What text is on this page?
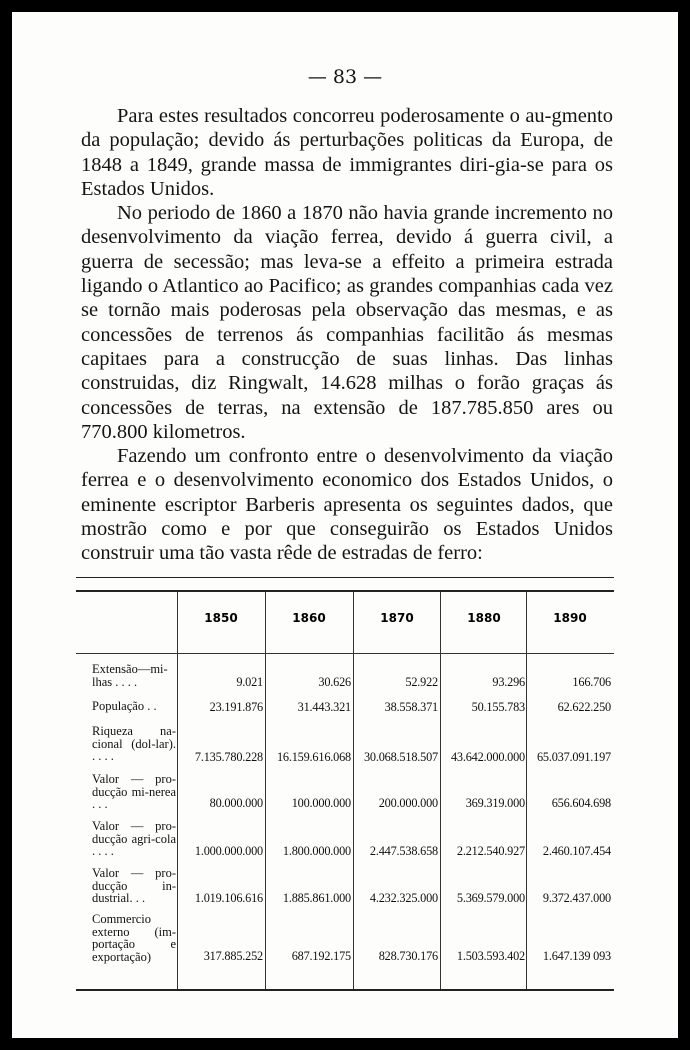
— 83 —

Para estes resultados concorreu poderosamente o au-gmento da população; devido ás perturbações politicas da Europa, de 1848 a 1849, grande massa de immigrantes diri-gia-se para os Estados Unidos.

No periodo de 1860 a 1870 não havia grande incremento no desenvolvimento da viação ferrea, devido á guerra civil, a guerra de secessão; mas leva-se a effeito a primeira estrada ligando o Atlantico ao Pacifico; as grandes companhias cada vez se tornão mais poderosas pela observação das mesmas, e as concessões de terrenos ás companhias facilitão ás mesmas capitaes para a construcção de suas linhas. Das linhas construidas, diz Ringwalt, 14.628 milhas o forão graças ás concessões de terras, na extensão de 187.785.850 ares ou 770.800 kilometros.

Fazendo um confronto entre o desenvolvimento da viação ferrea e o desenvolvimento economico dos Estados Unidos, o eminente escriptor Barberis apresenta os seguintes dados, que mostrão como e por que conseguirão os Estados Unidos construir uma tão vasta rêde de estradas de ferro:

1850	1860	1870	1880	1890
Extensão—mi-lhas . . . .	9.021	30.626	52.922	93.296	166.706
População . .	23.191.876	31.443.321	38.558.371	50.155.783	62.622.250
Riqueza na-cional (dol-lar). . . . .	7.135.780.228	16.159.616.068	30.068.518.507	43.642.000.000 65.037.091.197
Valor — pro-ducção mi-nerea . . .	80.000.000	100.000.000	200.000.000	369.319.000	656.604.698
Valor — pro-ducção agri-cola . . . .	1.000.000.000	1.800.000.000	2.447.538.658	2.212.540.927	2.460.107.454
Valor — pro-ducção in-dustrial. . .	1.019.106.616	1.885.861.000	4.232.325.000	5.369.579.000	9.372.437.000
Commercio externo (im-portação e exportação)	317.885.252	687.192.175	828.730.176	1.503.593.402	1.647.139 093
